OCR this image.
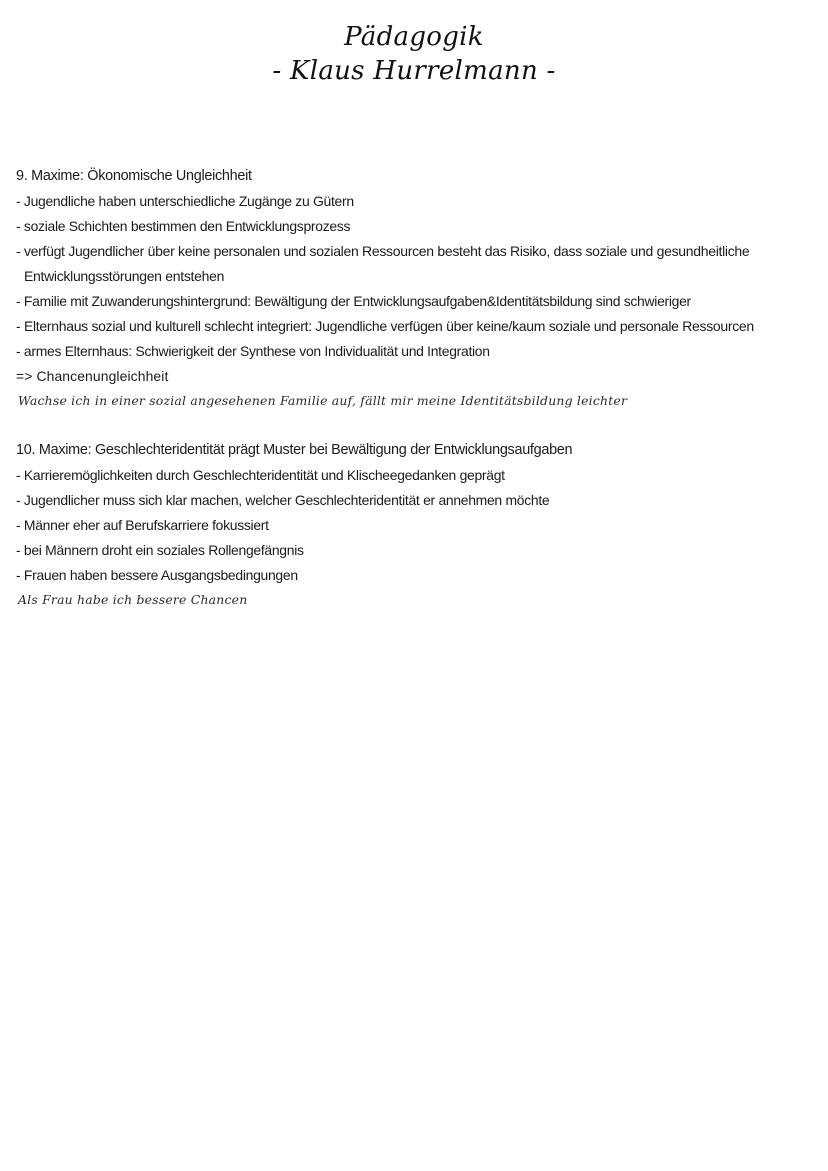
Pädagogik
- Klaus Hurrelmann -
9. Maxime: Ökonomische Ungleichheit
- Jugendliche haben unterschiedliche Zugänge zu Gütern
- soziale Schichten bestimmen den Entwicklungsprozess
- verfügt Jugendlicher über keine personalen und sozialen Ressourcen besteht das Risiko, dass soziale und gesundheitliche Entwicklungsstörungen entstehen
- Familie mit Zuwanderungshintergrund: Bewältigung der Entwicklungsaufgaben&Identitätsbildung sind schwieriger
- Elternhaus sozial und kulturell schlecht integriert: Jugendliche verfügen über keine/kaum soziale und personale Ressourcen
- armes Elternhaus: Schwierigkeit der Synthese von Individualität und Integration
=> Chancenungleichheit
Wachse ich in einer sozial angesehenen Familie auf, fällt mir meine Identitätsbildung leichter
10. Maxime: Geschlechteridentität prägt Muster bei Bewältigung der Entwicklungsaufgaben
- Karrieremöglichkeiten durch Geschlechteridentität und Klischeegedanken geprägt
- Jugendlicher muss sich klar machen, welcher Geschlechteridentität er annehmen möchte
- Männer eher auf Berufskarriere fokussiert
- bei Männern droht ein soziales Rollengefängnis
- Frauen haben bessere Ausgangsbedingungen
Als Frau habe ich bessere Chancen
